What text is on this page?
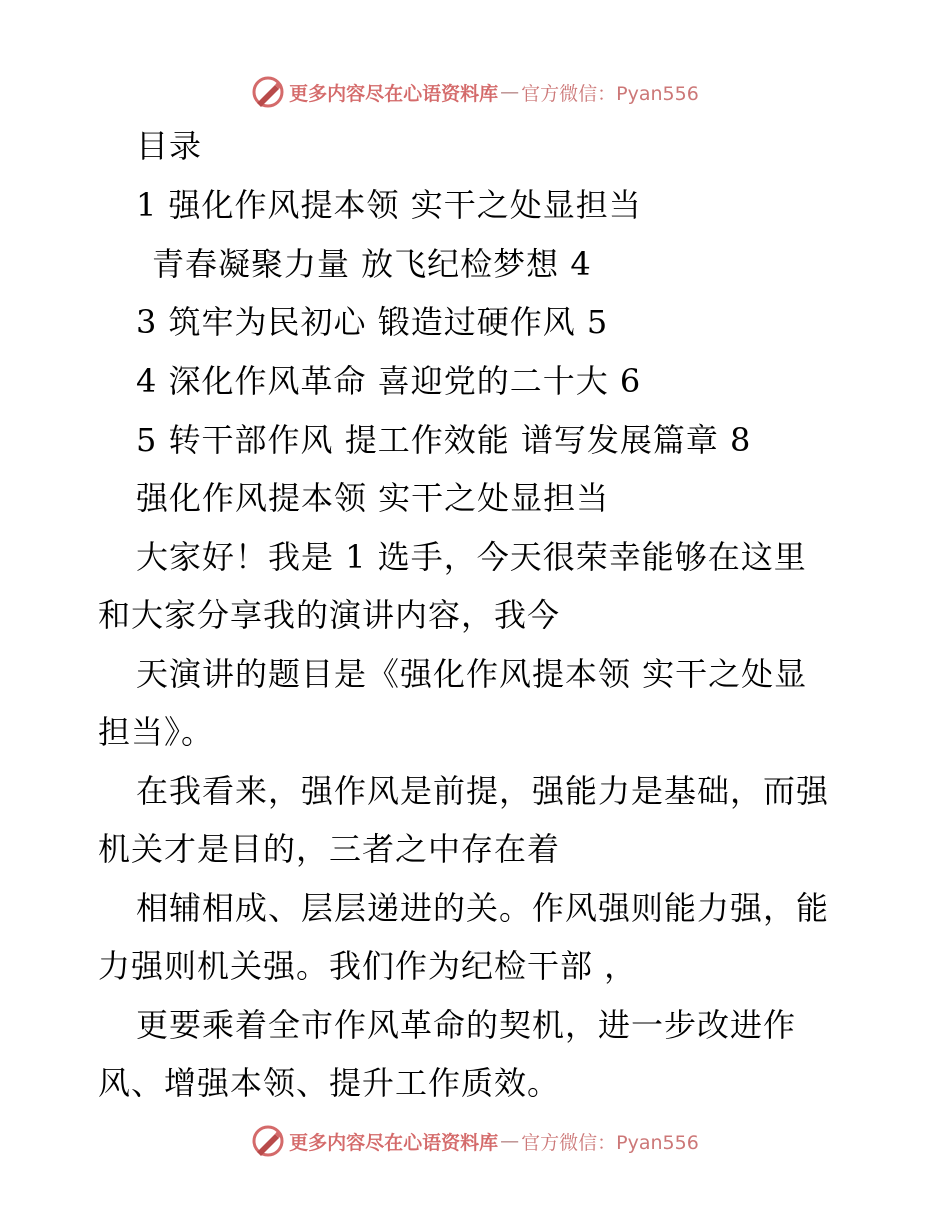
更多内容尽在心语资料库 — 官方微信：Pyan556
目录
1 强化作风提本领 实干之处显担当
青春凝聚力量 放飞纪检梦想 4
3 筑牢为民初心 锻造过硬作风 5
4 深化作风革命 喜迎党的二十大 6
5 转干部作风 提工作效能 谱写发展篇章 8
强化作风提本领 实干之处显担当
大家好！我是 1 选手，今天很荣幸能够在这里
和大家分享我的演讲内容，我今
天演讲的题目是《强化作风提本领 实干之处显
担当》。
在我看来，强作风是前提，强能力是基础，而强
机关才是目的，三者之中存在着
相辅相成、层层递进的关。作风强则能力强，能
力强则机关强。我们作为纪检干部 ，
更要乘着全市作风革命的契机，进一步改进作
风、增强本领、提升工作质效。
更多内容尽在心语资料库 — 官方微信：Pyan556
